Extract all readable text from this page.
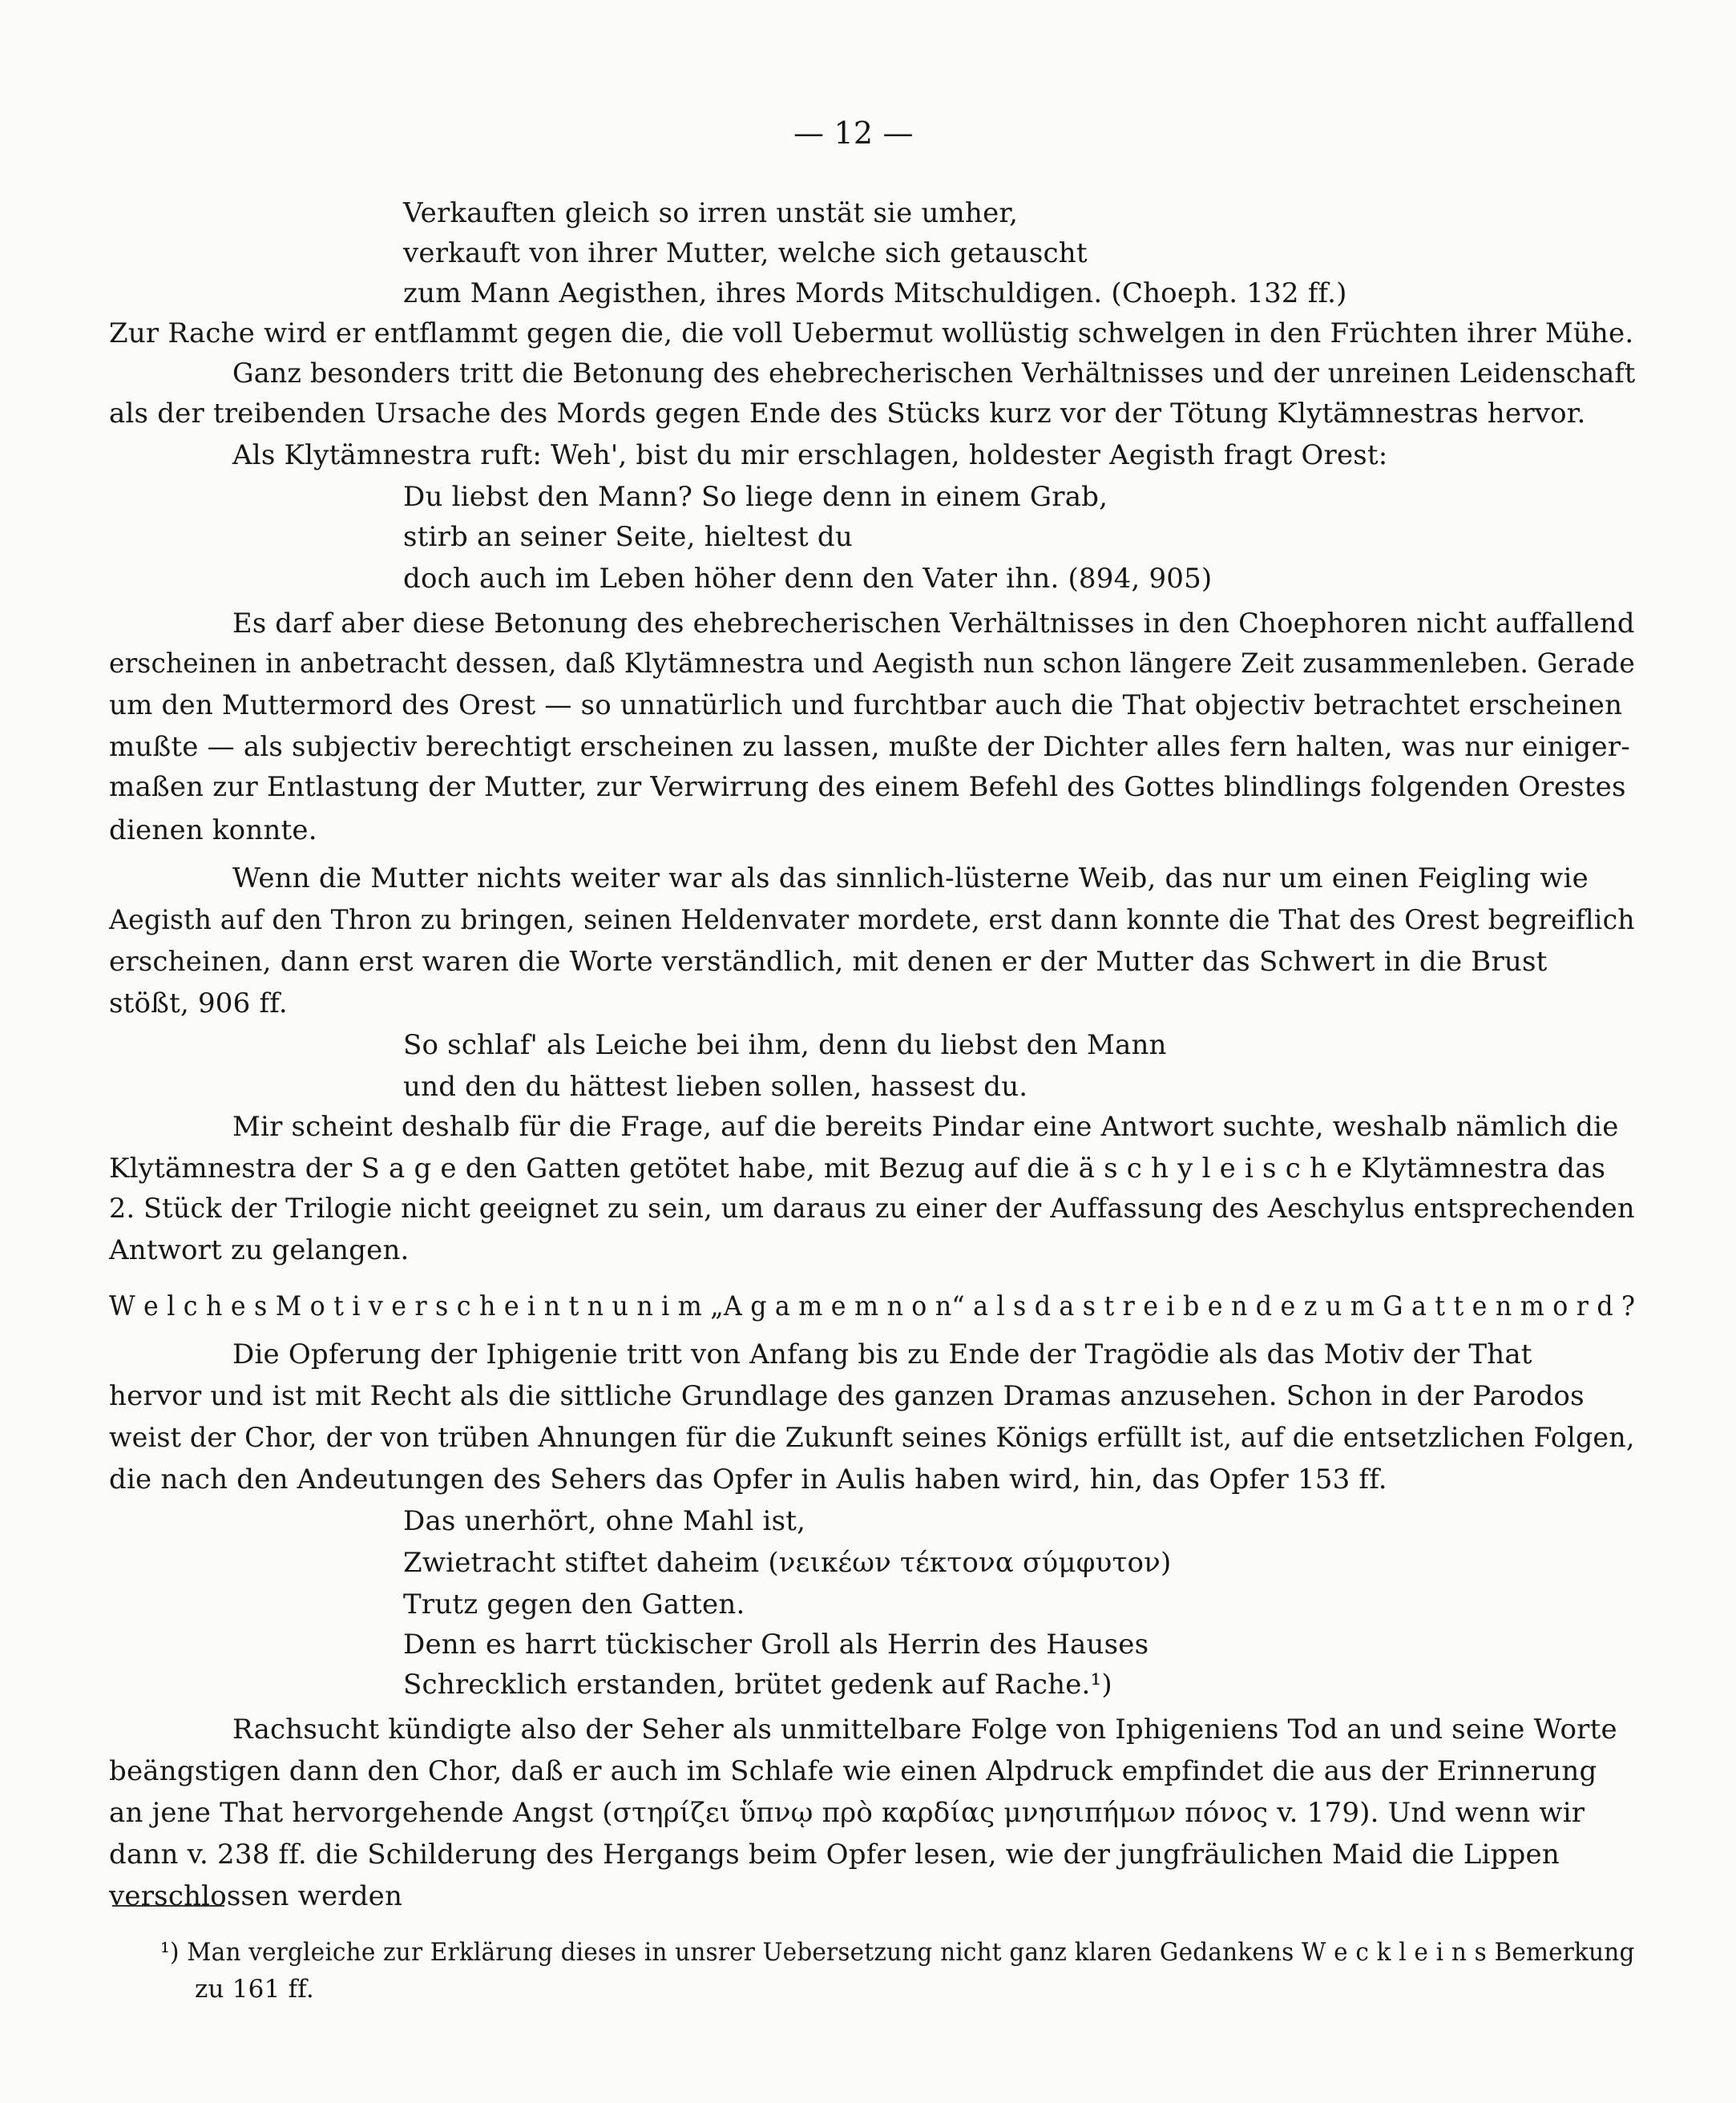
— 12 —
Verkauften gleich so irren unstät sie umher,
verkauft von ihrer Mutter, welche sich getauscht
zum Mann Aegisthen, ihres Mords Mitschuldigen. (Choeph. 132 ff.)
Zur Rache wird er entflammt gegen die, die voll Uebermut wollüstig schwelgen in den Früchten ihrer Mühe.
Ganz besonders tritt die Betonung des ehebrecherischen Verhältnisses und der unreinen Leidenschaft
als der treibenden Ursache des Mords gegen Ende des Stücks kurz vor der Tötung Klytämnestras hervor.
Als Klytämnestra ruft: Weh', bist du mir erschlagen, holdester Aegisth fragt Orest:
Du liebst den Mann? So liege denn in einem Grab,
stirb an seiner Seite, hieltest du
doch auch im Leben höher denn den Vater ihn. (894, 905)
Es darf aber diese Betonung des ehebrecherischen Verhältnisses in den Choephoren nicht auffallend
erscheinen in anbetracht dessen, daß Klytämnestra und Aegisth nun schon längere Zeit zusammenleben. Gerade
um den Muttermord des Orest — so unnatürlich und furchtbar auch die That objectiv betrachtet erscheinen
mußte — als subjectiv berechtigt erscheinen zu lassen, mußte der Dichter alles fern halten, was nur einiger-
maßen zur Entlastung der Mutter, zur Verwirrung des einem Befehl des Gottes blindlings folgenden Orestes
dienen konnte.
Wenn die Mutter nichts weiter war als das sinnlich-lüsterne Weib, das nur um einen Feigling wie
Aegisth auf den Thron zu bringen, seinen Heldenvater mordete, erst dann konnte die That des Orest begreiflich
erscheinen, dann erst waren die Worte verständlich, mit denen er der Mutter das Schwert in die Brust
stößt, 906 ff.
So schlaf' als Leiche bei ihm, denn du liebst den Mann
und den du hättest lieben sollen, hassest du.
Mir scheint deshalb für die Frage, auf die bereits Pindar eine Antwort suchte, weshalb nämlich die
Klytämnestra der S a g e den Gatten getötet habe, mit Bezug auf die ä s c h y l e i s c h e Klytämnestra das
2. Stück der Trilogie nicht geeignet zu sein, um daraus zu einer der Auffassung des Aeschylus entsprechenden
Antwort zu gelangen.
W e l c h e s M o t i v e r s c h e i n t n u n i m „A g a m e m n o n“ a l s d a s t r e i b e n d e z u m G a t t e n m o r d ?
Die Opferung der Iphigenie tritt von Anfang bis zu Ende der Tragödie als das Motiv der That
hervor und ist mit Recht als die sittliche Grundlage des ganzen Dramas anzusehen. Schon in der Parodos
weist der Chor, der von trüben Ahnungen für die Zukunft seines Königs erfüllt ist, auf die entsetzlichen Folgen,
die nach den Andeutungen des Sehers das Opfer in Aulis haben wird, hin, das Opfer 153 ff.
Das unerhört, ohne Mahl ist,
Zwietracht stiftet daheim (νεικέων τέκτονα σύμφυτον)
Trutz gegen den Gatten.
Denn es harrt tückischer Groll als Herrin des Hauses
Schrecklich erstanden, brütet gedenk auf Rache.¹)
Rachsucht kündigte also der Seher als unmittelbare Folge von Iphigeniens Tod an und seine Worte
beängstigen dann den Chor, daß er auch im Schlafe wie einen Alpdruck empfindet die aus der Erinnerung
an jene That hervorgehende Angst (στηρίζει ὕπνῳ πρὸ καρδίας μνησιπήμων πόνος v. 179). Und wenn wir
dann v. 238 ff. die Schilderung des Hergangs beim Opfer lesen, wie der jungfräulichen Maid die Lippen
verschlossen werden
¹) Man vergleiche zur Erklärung dieses in unsrer Uebersetzung nicht ganz klaren Gedankens W e c k l e i n s Bemerkung
zu 161 ff.
